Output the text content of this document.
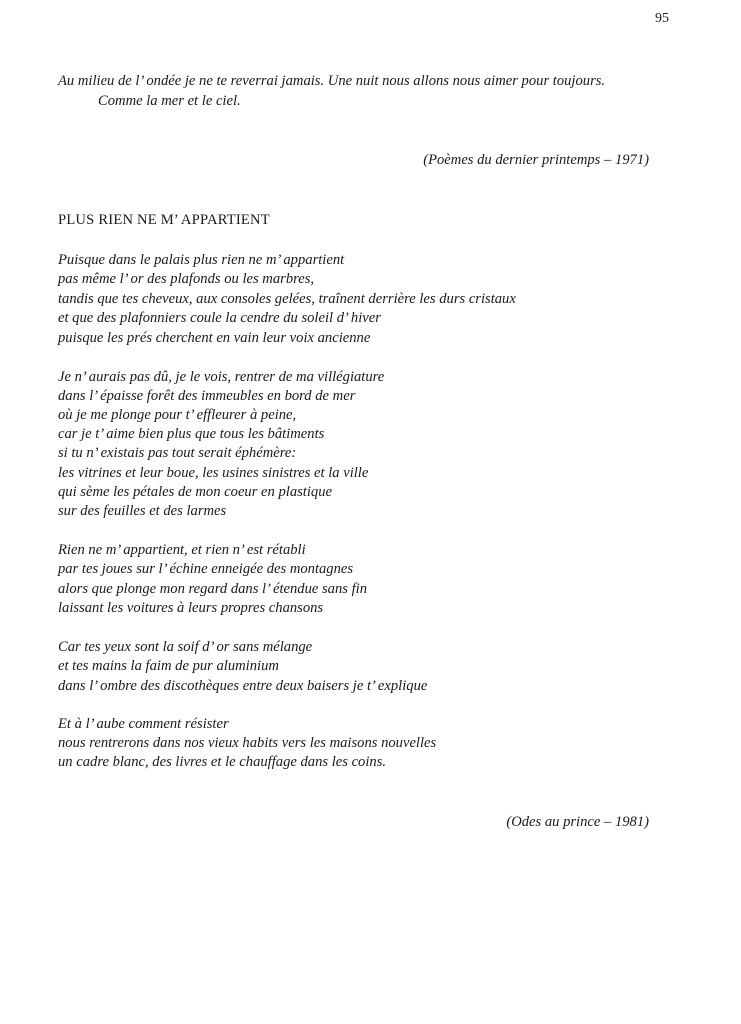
95
Au milieu de l’ ondée je ne te reverrai jamais. Une nuit nous allons nous aimer pour toujours.
Comme la mer et le ciel.
(Poèmes du dernier printemps – 1971)
PLUS RIEN NE M’ APPARTIENT
Puisque dans le palais plus rien ne m’ appartient
pas même l’ or des plafonds ou les marbres,
tandis que tes cheveux, aux consoles gelées, traînent derrière les durs cristaux
et que des plafonniers coule la cendre du soleil d’ hiver
puisque les prés cherchent en vain leur voix ancienne
Je n’ aurais pas dû, je le vois, rentrer de ma villégiature
dans l’ épaisse forêt des immeubles en bord de mer
où je me plonge pour t’ effleurer à peine,
car je t’ aime bien plus que tous les bâtiments
si tu n’ existais pas tout serait éphémère:
les vitrines et leur boue, les usines sinistres et la ville
qui sème les pétales de mon coeur en plastique
sur des feuilles et des larmes
Rien ne m’ appartient, et rien n’ est rétabli
par tes joues sur l’ échine enneigée des montagnes
alors que plonge mon regard dans l’ étendue sans fin
laissant les voitures à leurs propres chansons
Car tes yeux sont la soif d’ or sans mélange
et tes mains la faim de pur aluminium
dans l’ ombre des discothèques entre deux baisers je t’ explique
Et à l’ aube comment résister
nous rentrerons dans nos vieux habits vers les maisons nouvelles
un cadre blanc, des livres et le chauffage dans les coins.
(Odes au prince – 1981)
